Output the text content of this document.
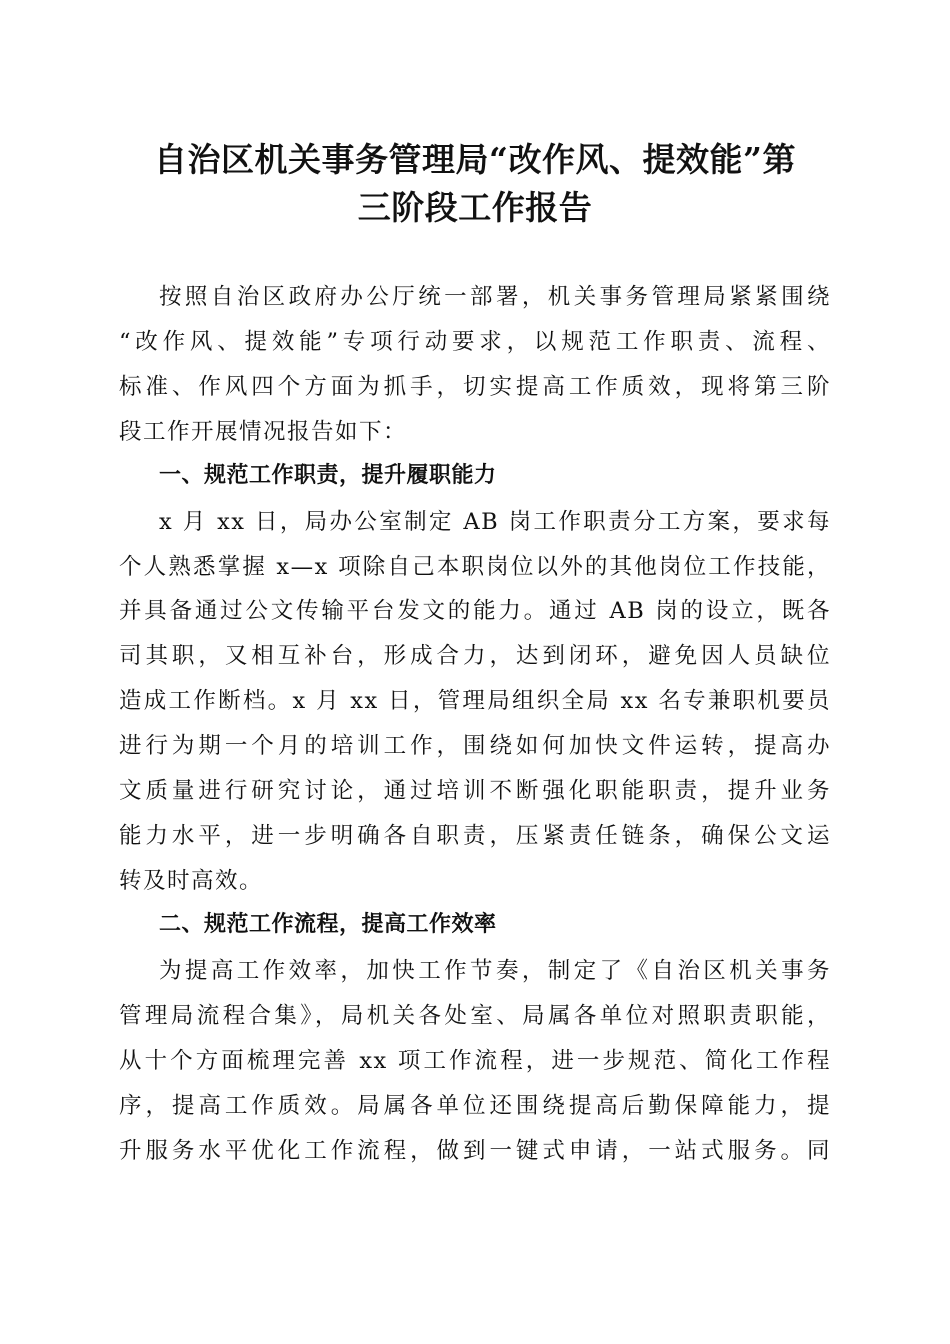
自治区机关事务管理局“改作风、提效能”第
三阶段工作报告

按照自治区政府办公厅统一部署，机关事务管理局紧紧围绕

“改作风、提效能”专项行动要求，以规范工作职责、流程、

标准、作风四个方面为抓手，切实提高工作质效，现将第三阶

段工作开展情况报告如下：

一、规范工作职责，提升履职能力

x 月 xx 日，局办公室制定 AB 岗工作职责分工方案，要求每

个人熟悉掌握 x—x 项除自己本职岗位以外的其他岗位工作技能，

并具备通过公文传输平台发文的能力。通过 AB 岗的设立，既各

司其职，又相互补台，形成合力，达到闭环，避免因人员缺位

造成工作断档。x 月 xx 日，管理局组织全局 xx 名专兼职机要员

进行为期一个月的培训工作，围绕如何加快文件运转，提高办

文质量进行研究讨论，通过培训不断强化职能职责，提升业务

能力水平，进一步明确各自职责，压紧责任链条，确保公文运

转及时高效。

二、规范工作流程，提高工作效率

为提高工作效率，加快工作节奏，制定了《自治区机关事务

管理局流程合集》，局机关各处室、局属各单位对照职责职能，

从十个方面梳理完善 xx 项工作流程，进一步规范、简化工作程

序，提高工作质效。局属各单位还围绕提高后勤保障能力，提

升服务水平优化工作流程，做到一键式申请，一站式服务。同
